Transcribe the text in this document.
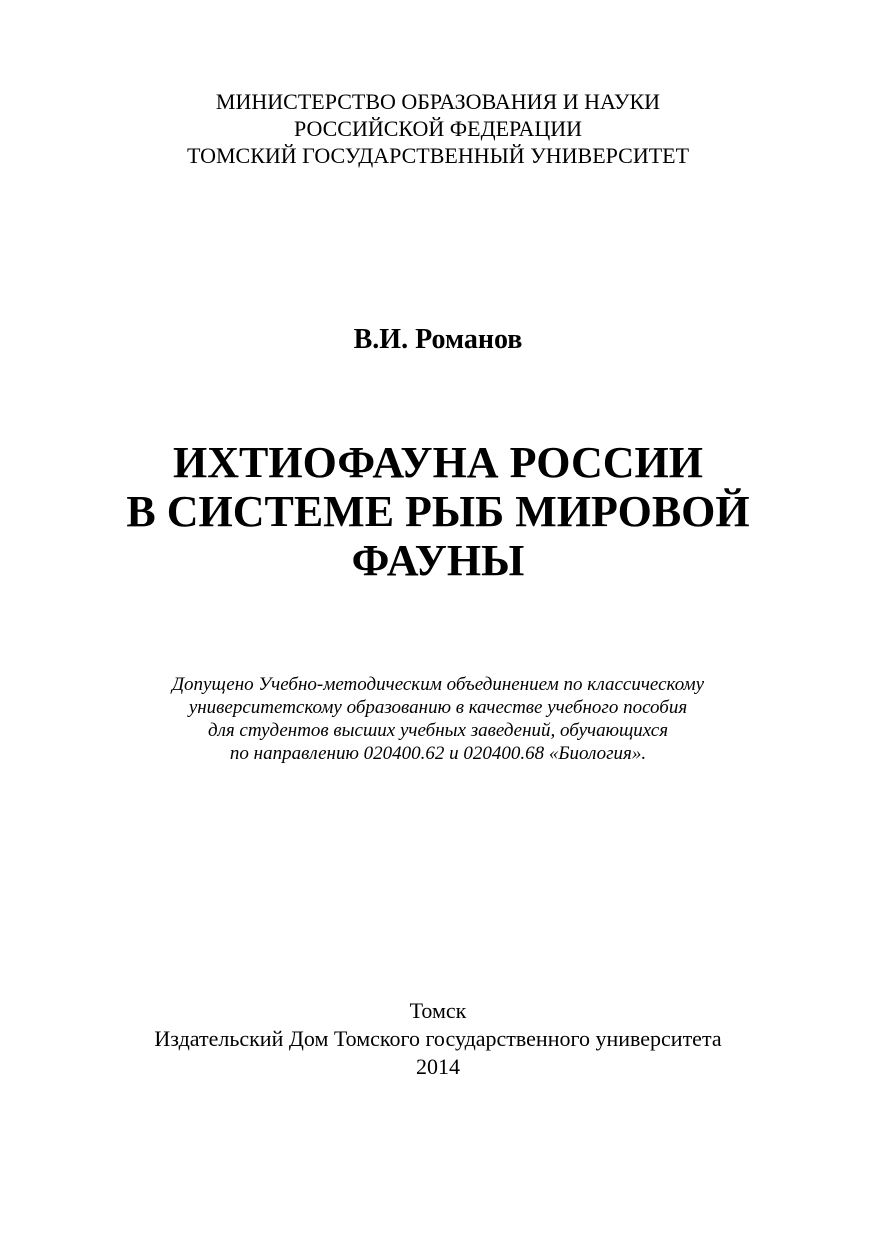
МИНИСТЕРСТВО ОБРАЗОВАНИЯ И НАУКИ
РОССИЙСКОЙ ФЕДЕРАЦИИ
ТОМСКИЙ ГОСУДАРСТВЕННЫЙ УНИВЕРСИТЕТ
В.И. Романов
ИХТИОФАУНА РОССИИ
В СИСТЕМЕ РЫБ МИРОВОЙ
ФАУНЫ
Допущено Учебно-методическим объединением по классическому
университетскому образованию в качестве учебного пособия
для студентов высших учебных заведений, обучающихся
по направлению 020400.62 и 020400.68 «Биология».
Томск
Издательский Дом Томского государственного университета
2014
